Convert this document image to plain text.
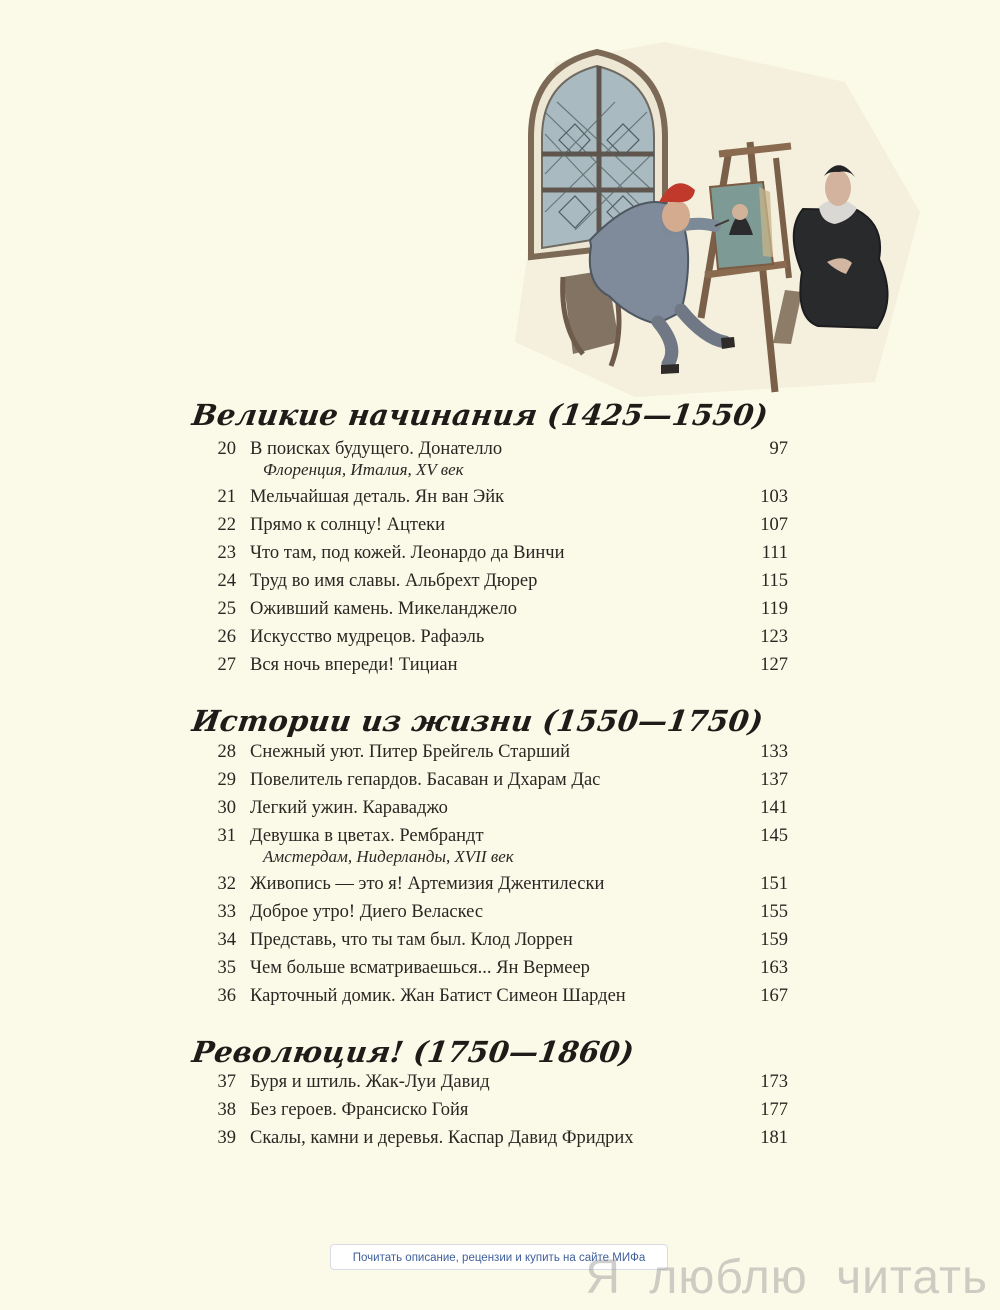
Великие начинания (1425—1550)
20 В поисках будущего. Донателло	97
Флоренция, Италия, XV век
21 Мельчайшая деталь. Ян ван Эйк	103
22 Прямо к солнцу! Ацтеки	107
23 Что там, под кожей. Леонардо да Винчи	111
24 Труд во имя славы. Альбрехт Дюрер	115
25 Оживший камень. Микеланджело	119
26 Искусство мудрецов. Рафаэль	123
27 Вся ночь впереди! Тициан	127
Истории из жизни (1550—1750)
28 Снежный уют. Питер Брейгель Старший	133
29 Повелитель гепардов. Басаван и Дхарам Дас	137
30 Легкий ужин. Караваджо	141
31 Девушка в цветах. Рембрандт	145
Амстердам, Нидерланды, XVII век
32 Живопись — это я! Артемизия Джентилески	151
33 Доброе утро! Диего Веласкес	155
34 Представь, что ты там был. Клод Лоррен	159
35 Чем больше всматриваешься... Ян Вермеер	163
36 Карточный домик. Жан Батист Симеон Шарден	167
Революция! (1750—1860)
37 Буря и штиль. Жак-Луи Давид	173
38 Без героев. Франсиско Гойя	177
39 Скалы, камни и деревья. Каспар Давид Фридрих	181
Почитать описание, рецензии и купить на сайте МИФа
Я люблю читать
